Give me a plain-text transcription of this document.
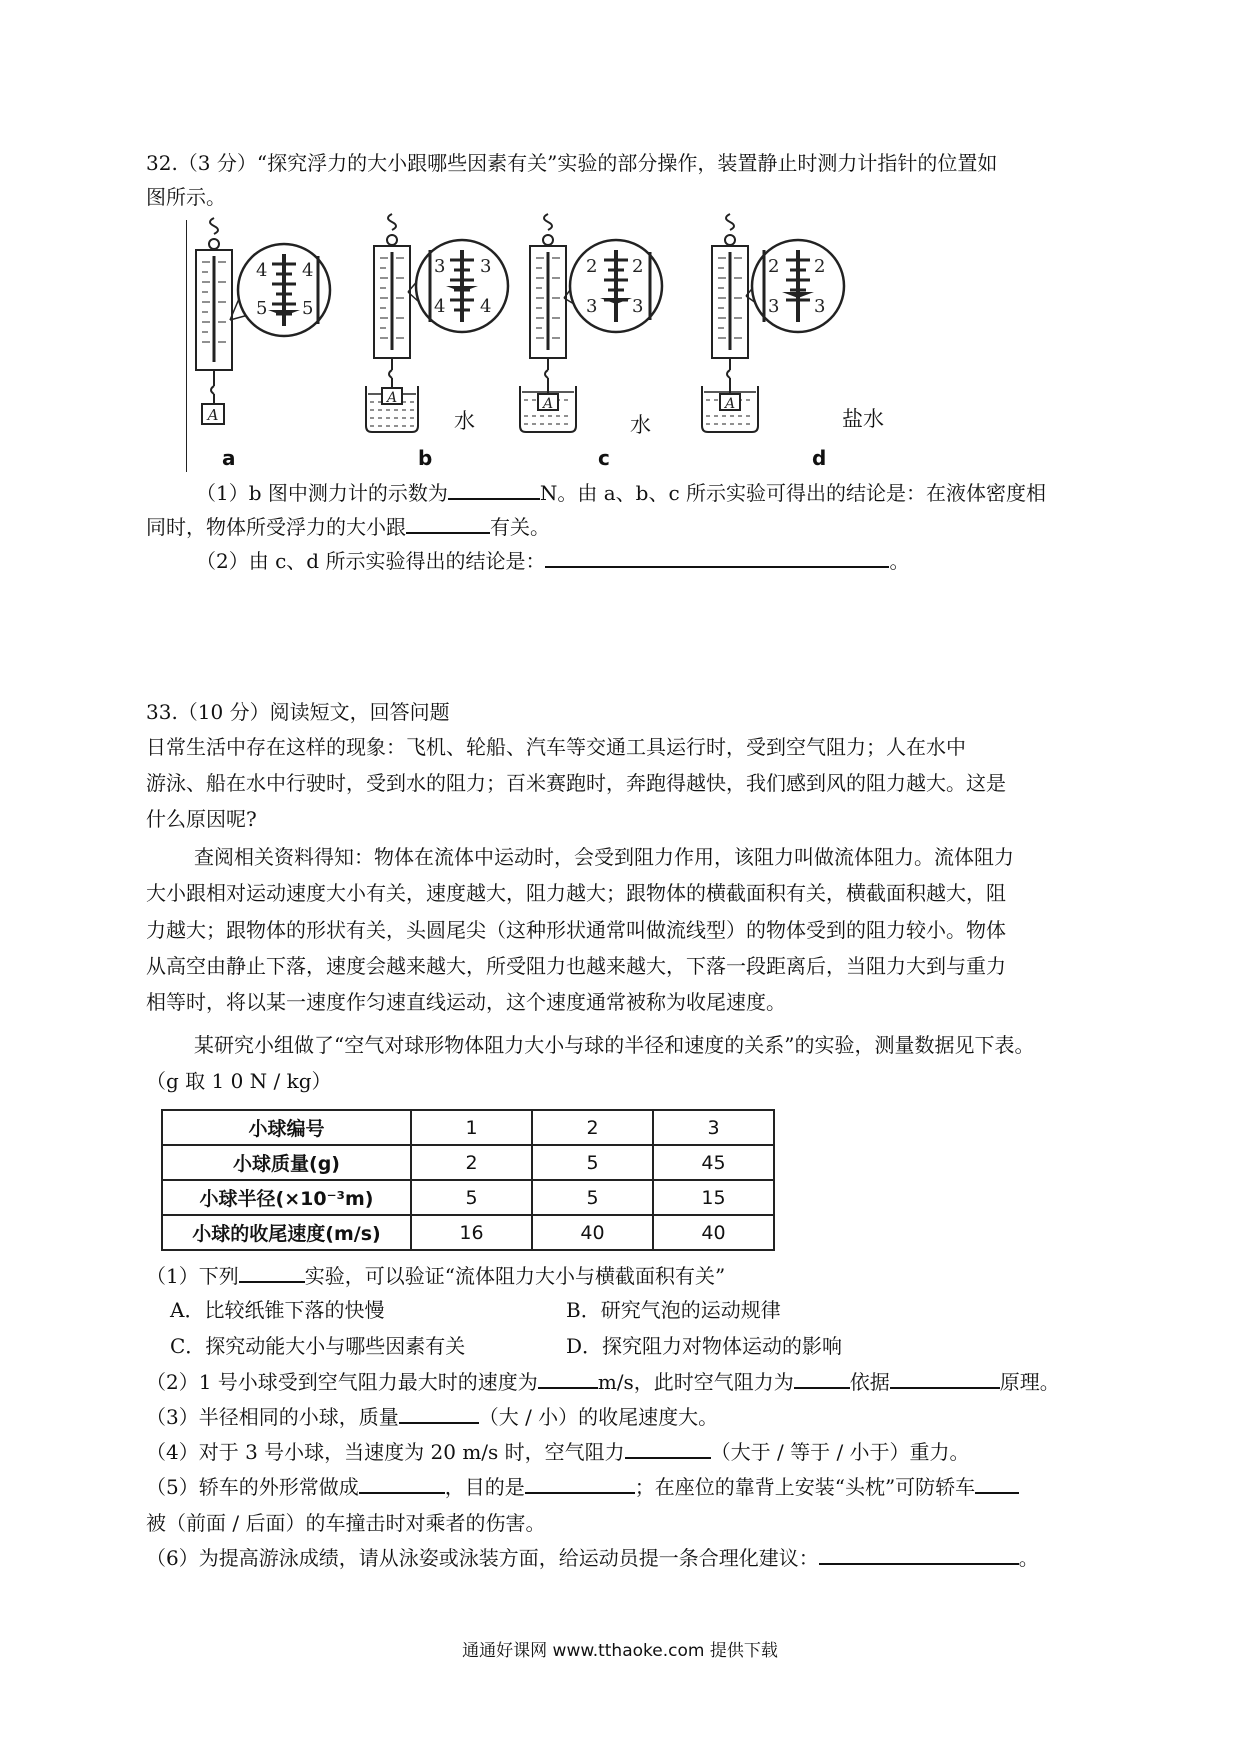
32.（3 分）“探究浮力的大小跟哪些因素有关”实验的部分操作，装置静止时测力计指针的位置如
图所示。
A
4
5
4
5
A
3
4
3
4
A
2
3
2
3
A
2
3
2
3
水	水	盐水
a	b	c	d
（1）b 图中测力计的示数为	N。由 a、b、c 所示实验可得出的结论是：在液体密度相
同时，物体所受浮力的大小跟	有关。
（2）由 c、d 所示实验得出的结论是：	。
33.（10 分）阅读短文，回答问题
日常生活中存在这样的现象：飞机、轮船、汽车等交通工具运行时，受到空气阻力；人在水中
游泳、船在水中行驶时，受到水的阻力；百米赛跑时，奔跑得越快，我们感到风的阻力越大。这是
什么原因呢?
查阅相关资料得知：物体在流体中运动时，会受到阻力作用，该阻力叫做流体阻力。流体阻力
大小跟相对运动速度大小有关，速度越大，阻力越大；跟物体的横截面积有关，横截面积越大，阻
力越大；跟物体的形状有关，头圆尾尖（这种形状通常叫做流线型）的物体受到的阻力较小。物体
从高空由静止下落，速度会越来越大，所受阻力也越来越大，下落一段距离后，当阻力大到与重力
相等时，将以某一速度作匀速直线运动，这个速度通常被称为收尾速度。
某研究小组做了“空气对球形物体阻力大小与球的半径和速度的关系”的实验，测量数据见下表。
（g 取 1 0 N / kg）
小球编号	1	2	3
小球质量(g)	2	5	45
小球半径(×10⁻³m)	5	5	15
小球的收尾速度(m/s)	16	40	40
（1）下列	实验，可以验证“流体阻力大小与横截面积有关”
A．比较纸锥下落的快慢	B．研究气泡的运动规律
C．探究动能大小与哪些因素有关	D．探究阻力对物体运动的影响
（2）1 号小球受到空气阻力最大时的速度为	m/s，此时空气阻力为	依据	原理。
（3）半径相同的小球，质量	（大 / 小）的收尾速度大。
（4）对于 3 号小球，当速度为 20 m/s 时，空气阻力	（大于 / 等于 / 小于）重力。
（5）轿车的外形常做成	，目的是	；在座位的靠背上安装“头枕”可防轿车
被（前面 / 后面）的车撞击时对乘者的伤害。
（6）为提高游泳成绩，请从泳姿或泳装方面，给运动员提一条合理化建议：	。
通通好课网 www.tthaoke.com 提供下载
